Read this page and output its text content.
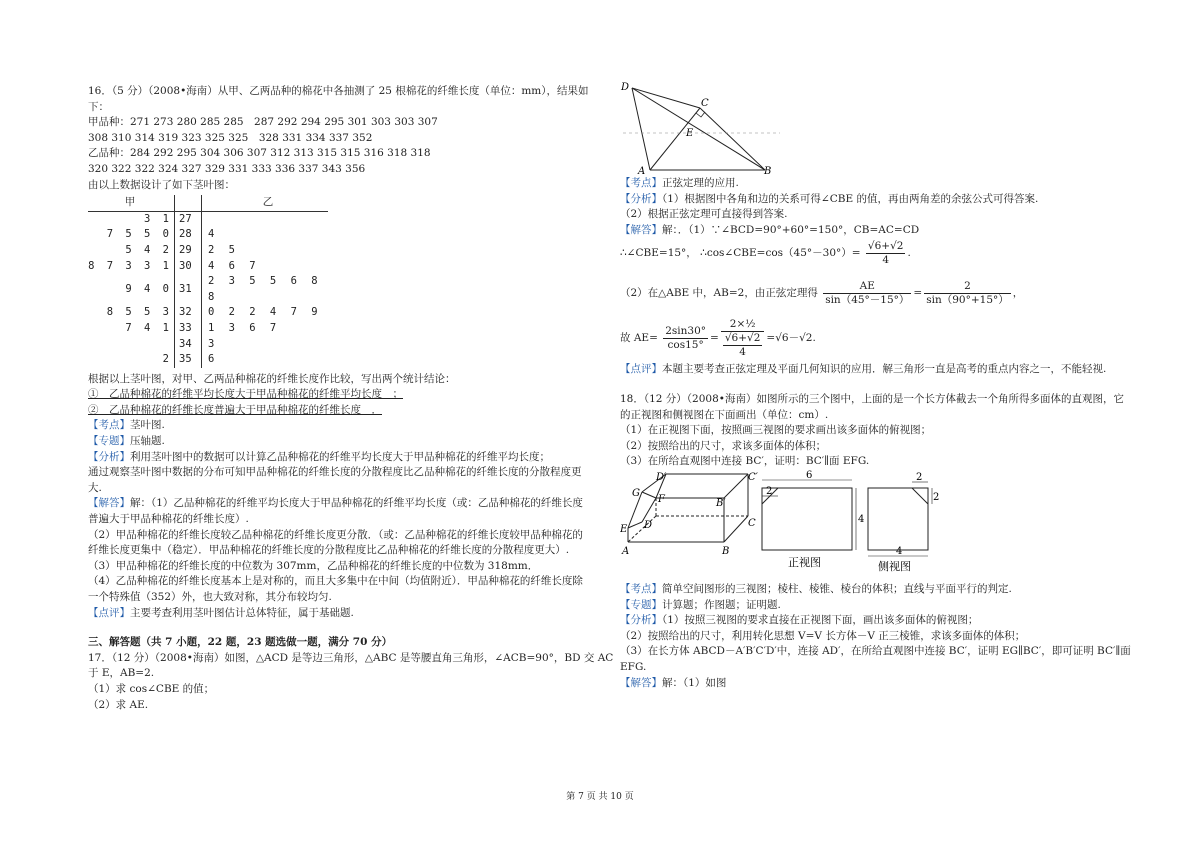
16．（5 分）（2008•海南）从甲、乙两品种的棉花中各抽测了 25 根棉花的纤维长度（单位：mm），结果如
下：
甲品种：271 273 280 285 285　287 292 294 295 301 303 303 307
308 310 314 319 323 325 325　328 331 334 337 352
乙品种：284 292 295 304 306 307 312 313 315 315 316 318 318
320 322 322 324 327 329 331 333 336 337 343 356
由以上数据设计了如下茎叶图：
甲		乙
3 1	27	
7 5 5 0	28	4
5 4 2	29	2 5
8 7 3 3 1	30	4 6 7
9 4 0	31	2 3 5 5 6 8 8
8 5 5 3	32	0 2 2 4 7 9
7 4 1	33	1 3 6 7
	34	3
2	35	6
根据以上茎叶图，对甲、乙两品种棉花的纤维长度作比较，写出两个统计结论：
①　乙品种棉花的纤维平均长度大于甲品种棉花的纤维平均长度　；
②　乙品种棉花的纤维长度普遍大于甲品种棉花的纤维长度　．
【考点】茎叶图.
【专题】压轴题.
【分析】利用茎叶图中的数据可以计算乙品种棉花的纤维平均长度大于甲品种棉花的纤维平均长度；
通过观察茎叶图中数据的分布可知甲品种棉花的纤维长度的分散程度比乙品种棉花的纤维长度的分散程度更
大.
【解答】解：（1）乙品种棉花的纤维平均长度大于甲品种棉花的纤维平均长度（或：乙品种棉花的纤维长度
普遍大于甲品种棉花的纤维长度）.
（2）甲品种棉花的纤维长度较乙品种棉花的纤维长度更分散．（或：乙品种棉花的纤维长度较甲品种棉花的
纤维长度更集中（稳定）．甲品种棉花的纤维长度的分散程度比乙品种棉花的纤维长度的分散程度更大）.
（3）甲品种棉花的纤维长度的中位数为 307mm，乙品种棉花的纤维长度的中位数为 318mm．
（4）乙品种棉花的纤维长度基本上是对称的，而且大多集中在中间（均值附近）．甲品种棉花的纤维长度除
一个特殊值（352）外，也大致对称，其分布较均匀.
【点评】主要考查利用茎叶图估计总体特征，属于基础题.
三、解答题（共 7 小题，22 题，23 题选做一题，满分 70 分）
17．（12 分）（2008•海南）如图，△ACD 是等边三角形，△ABC 是等腰直角三角形，∠ACB=90°，BD 交 AC
于 E，AB=2.
（1）求 cos∠CBE 的值；
（2）求 AE.
D
C
E
A	B
【考点】正弦定理的应用.
【分析】（1）根据图中各角和边的关系可得∠CBE 的值，再由两角差的余弦公式可得答案.
（2）根据正弦定理可直接得到答案.
【解答】解：．（1）∵∠BCD=90°+60°=150°，CB=AC=CD
∴∠CBE=15°， ∴cos∠CBE=cos（45°－30°）= $\frac{√6+√2}{4}$ .
（2）在△ABE 中，AB=2，由正弦定理得 $\frac{AE}{\sin(45^\circ-15^\circ)} = \frac{2}{\sin(90^\circ+15^\circ)}$ ，
故 $AE= \frac{2\sin 30^\circ}{\cos 15^\circ}$ = 2×½
√6+√2
4 =√6－√2.
【点评】本题主要考查正弦定理及平面几何知识的应用．解三角形一直是高考的重点内容之一，不能轻视.
18．（12 分）（2008•海南）如图所示的三个图中，上面的是一个长方体截去一个角所得多面体的直观图，它
的正视图和侧视图在下面画出（单位：cm）.
（1）在正视图下面，按照画三视图的要求画出该多面体的俯视图；
（2）按照给出的尺寸，求该多面体的体积；
（3）在所给直观图中连接 BC′，证明：BC′∥面 EFG.
D′	C′
G
F	B′
E D	C
A	B
6
2
4
正视图
2
2
4
侧视图
【考点】简单空间图形的三视图；棱柱、棱锥、棱台的体积；直线与平面平行的判定.
【专题】计算题；作图题；证明题.
【分析】（1）按照三视图的要求直接在正视图下面，画出该多面体的俯视图；
（2）按照给出的尺寸，利用转化思想 V=V 长方体－V 正三棱锥，求该多面体的体积；
（3）在长方体 ABCD－A′B′C′D′中，连接 AD′，在所给直观图中连接 BC′，证明 EG∥BC′，即可证明 BC′∥面
EFG.
【解答】解：（1）如图
第 7 页 共 10 页
